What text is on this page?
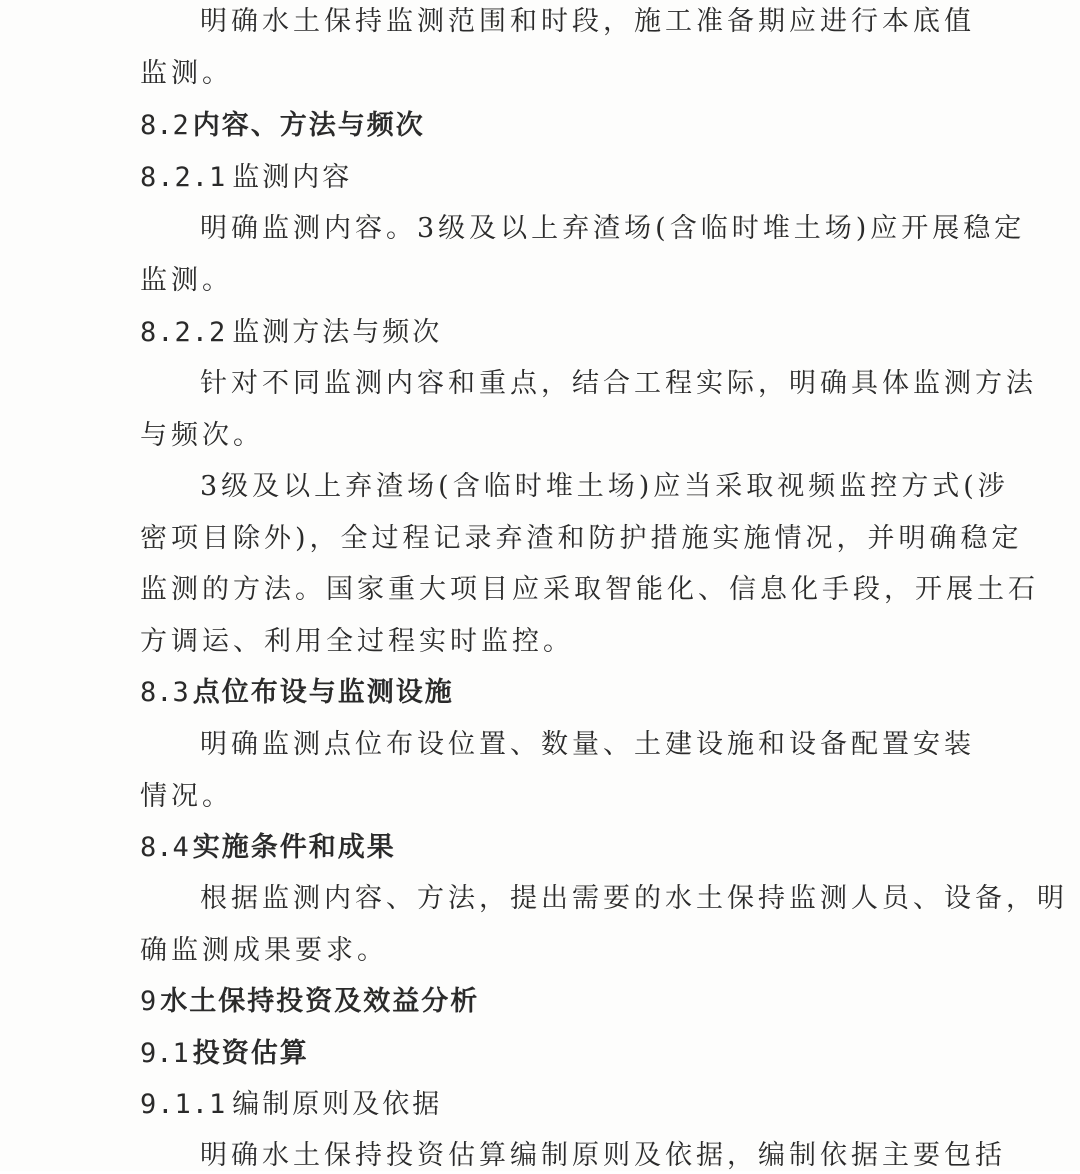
明确水土保持监测范围和时段，施工准备期应进行本底值
监测。
8.2 内容、方法与频次
8.2.1 监测内容
明确监测内容。3级及以上弃渣场(含临时堆土场)应开展稳定
监测。
8.2.2 监测方法与频次
针对不同监测内容和重点，结合工程实际，明确具体监测方法
与频次。
3级及以上弃渣场(含临时堆土场)应当采取视频监控方式(涉
密项目除外)，全过程记录弃渣和防护措施实施情况，并明确稳定
监测的方法。国家重大项目应采取智能化、信息化手段，开展土石
方调运、利用全过程实时监控。
8.3 点位布设与监测设施
明确监测点位布设位置、数量、土建设施和设备配置安装
情况。
8.4 实施条件和成果
根据监测内容、方法，提出需要的水土保持监测人员、设备，明
确监测成果要求。
9 水土保持投资及效益分析
9.1 投资估算
9.1.1 编制原则及依据
明确水土保持投资估算编制原则及依据，编制依据主要包括
